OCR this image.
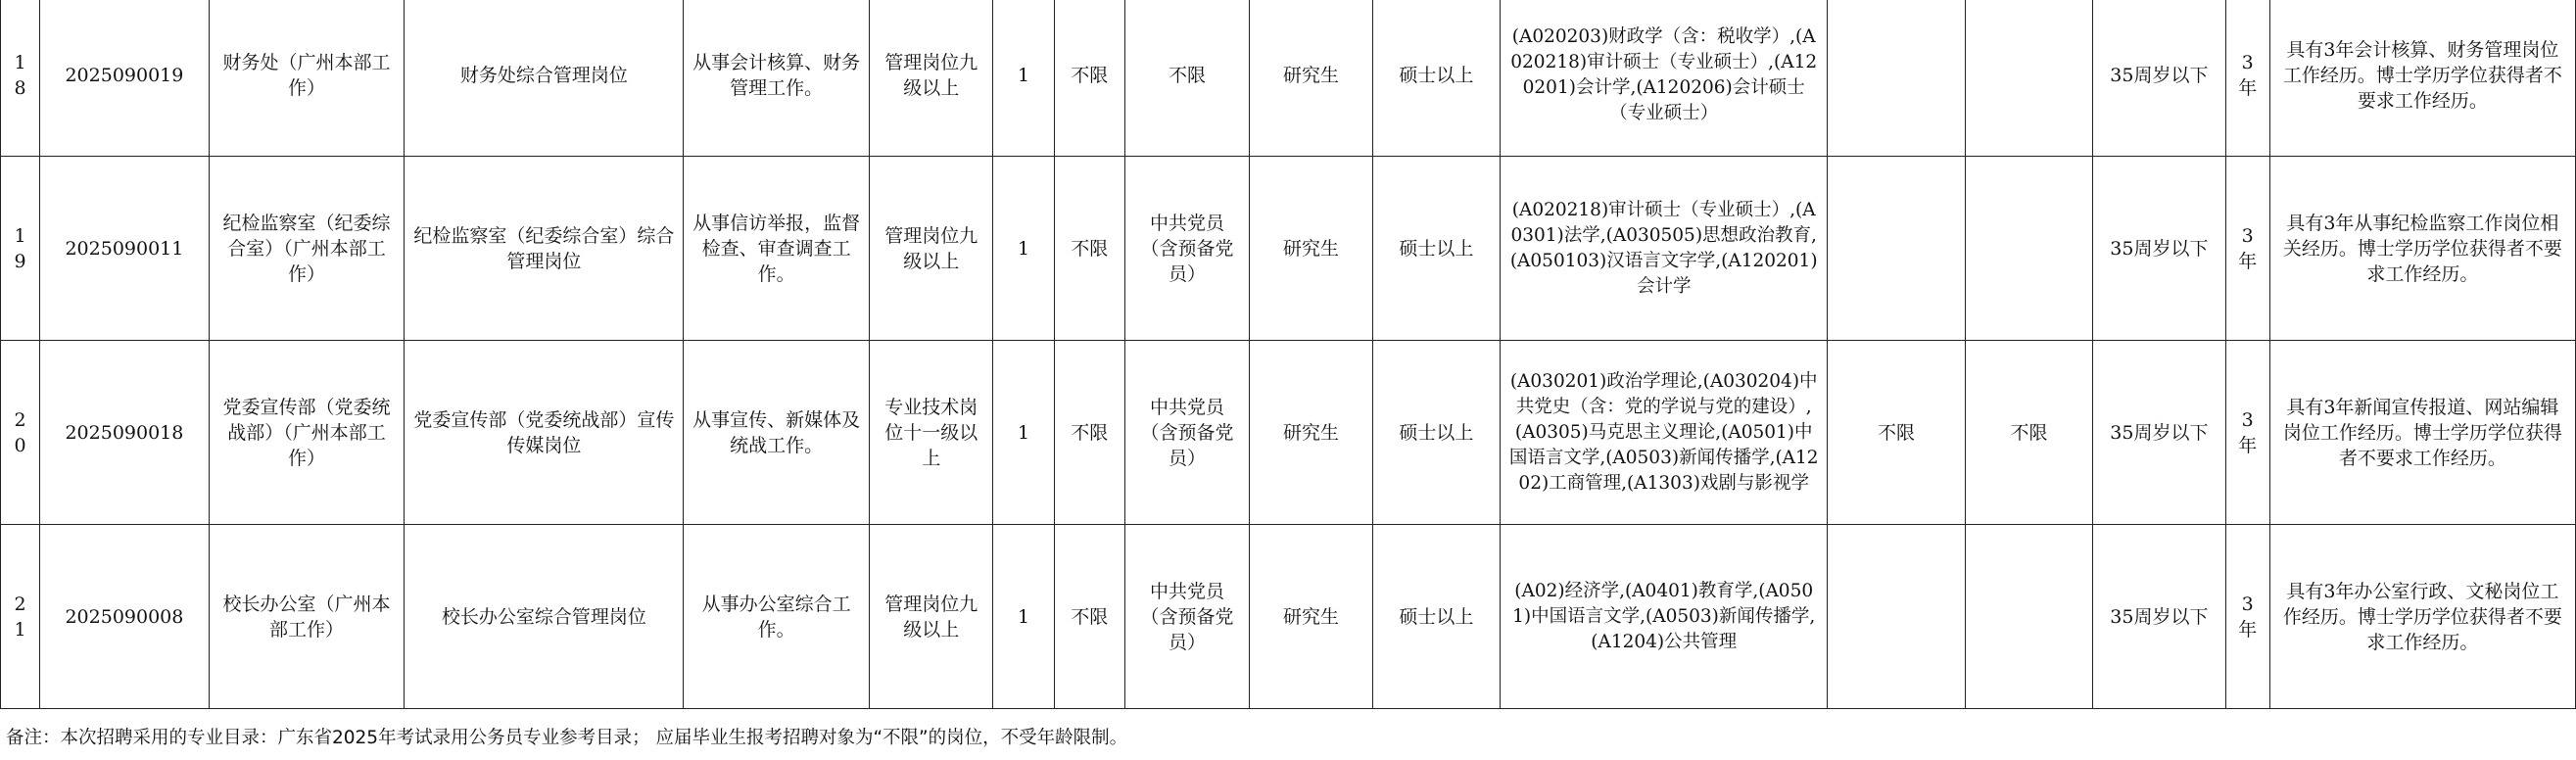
18	2025090019	财务处（广州本部工作）	财务处综合管理岗位	从事会计核算、财务管理工作。	管理岗位九级以上	1	不限	不限	研究生	硕士以上	(A020203)财政学（含：税收学）,(A020218)审计硕士（专业硕士）,(A120201)会计学,(A120206)会计硕士（专业硕士）			35周岁以下	3年	具有3年会计核算、财务管理岗位工作经历。博士学历学位获得者不要求工作经历。
19	2025090011	纪检监察室（纪委综合室）（广州本部工作）	纪检监察室（纪委综合室）综合管理岗位	从事信访举报，监督检查、审查调查工作。	管理岗位九级以上	1	不限	中共党员（含预备党员）	研究生	硕士以上	(A020218)审计硕士（专业硕士）,(A0301)法学,(A030505)思想政治教育,(A050103)汉语言文字学,(A120201)会计学			35周岁以下	3年	具有3年从事纪检监察工作岗位相关经历。博士学历学位获得者不要求工作经历。
20	2025090018	党委宣传部（党委统战部）（广州本部工作）	党委宣传部（党委统战部）宣传传媒岗位	从事宣传、新媒体及统战工作。	专业技术岗位十一级以上	1	不限	中共党员（含预备党员）	研究生	硕士以上	(A030201)政治学理论,(A030204)中共党史（含：党的学说与党的建设）,(A0305)马克思主义理论,(A0501)中国语言文学,(A0503)新闻传播学,(A1202)工商管理,(A1303)戏剧与影视学	不限	不限	35周岁以下	3年	具有3年新闻宣传报道、网站编辑岗位工作经历。博士学历学位获得者不要求工作经历。
21	2025090008	校长办公室（广州本部工作）	校长办公室综合管理岗位	从事办公室综合工作。	管理岗位九级以上	1	不限	中共党员（含预备党员）	研究生	硕士以上	(A02)经济学,(A0401)教育学,(A0501)中国语言文学,(A0503)新闻传播学,(A1204)公共管理			35周岁以下	3年	具有3年办公室行政、文秘岗位工作经历。博士学历学位获得者不要求工作经历。
备注：本次招聘采用的专业目录：广东省2025年考试录用公务员专业参考目录； 应届毕业生报考招聘对象为“不限”的岗位，不受年龄限制。
